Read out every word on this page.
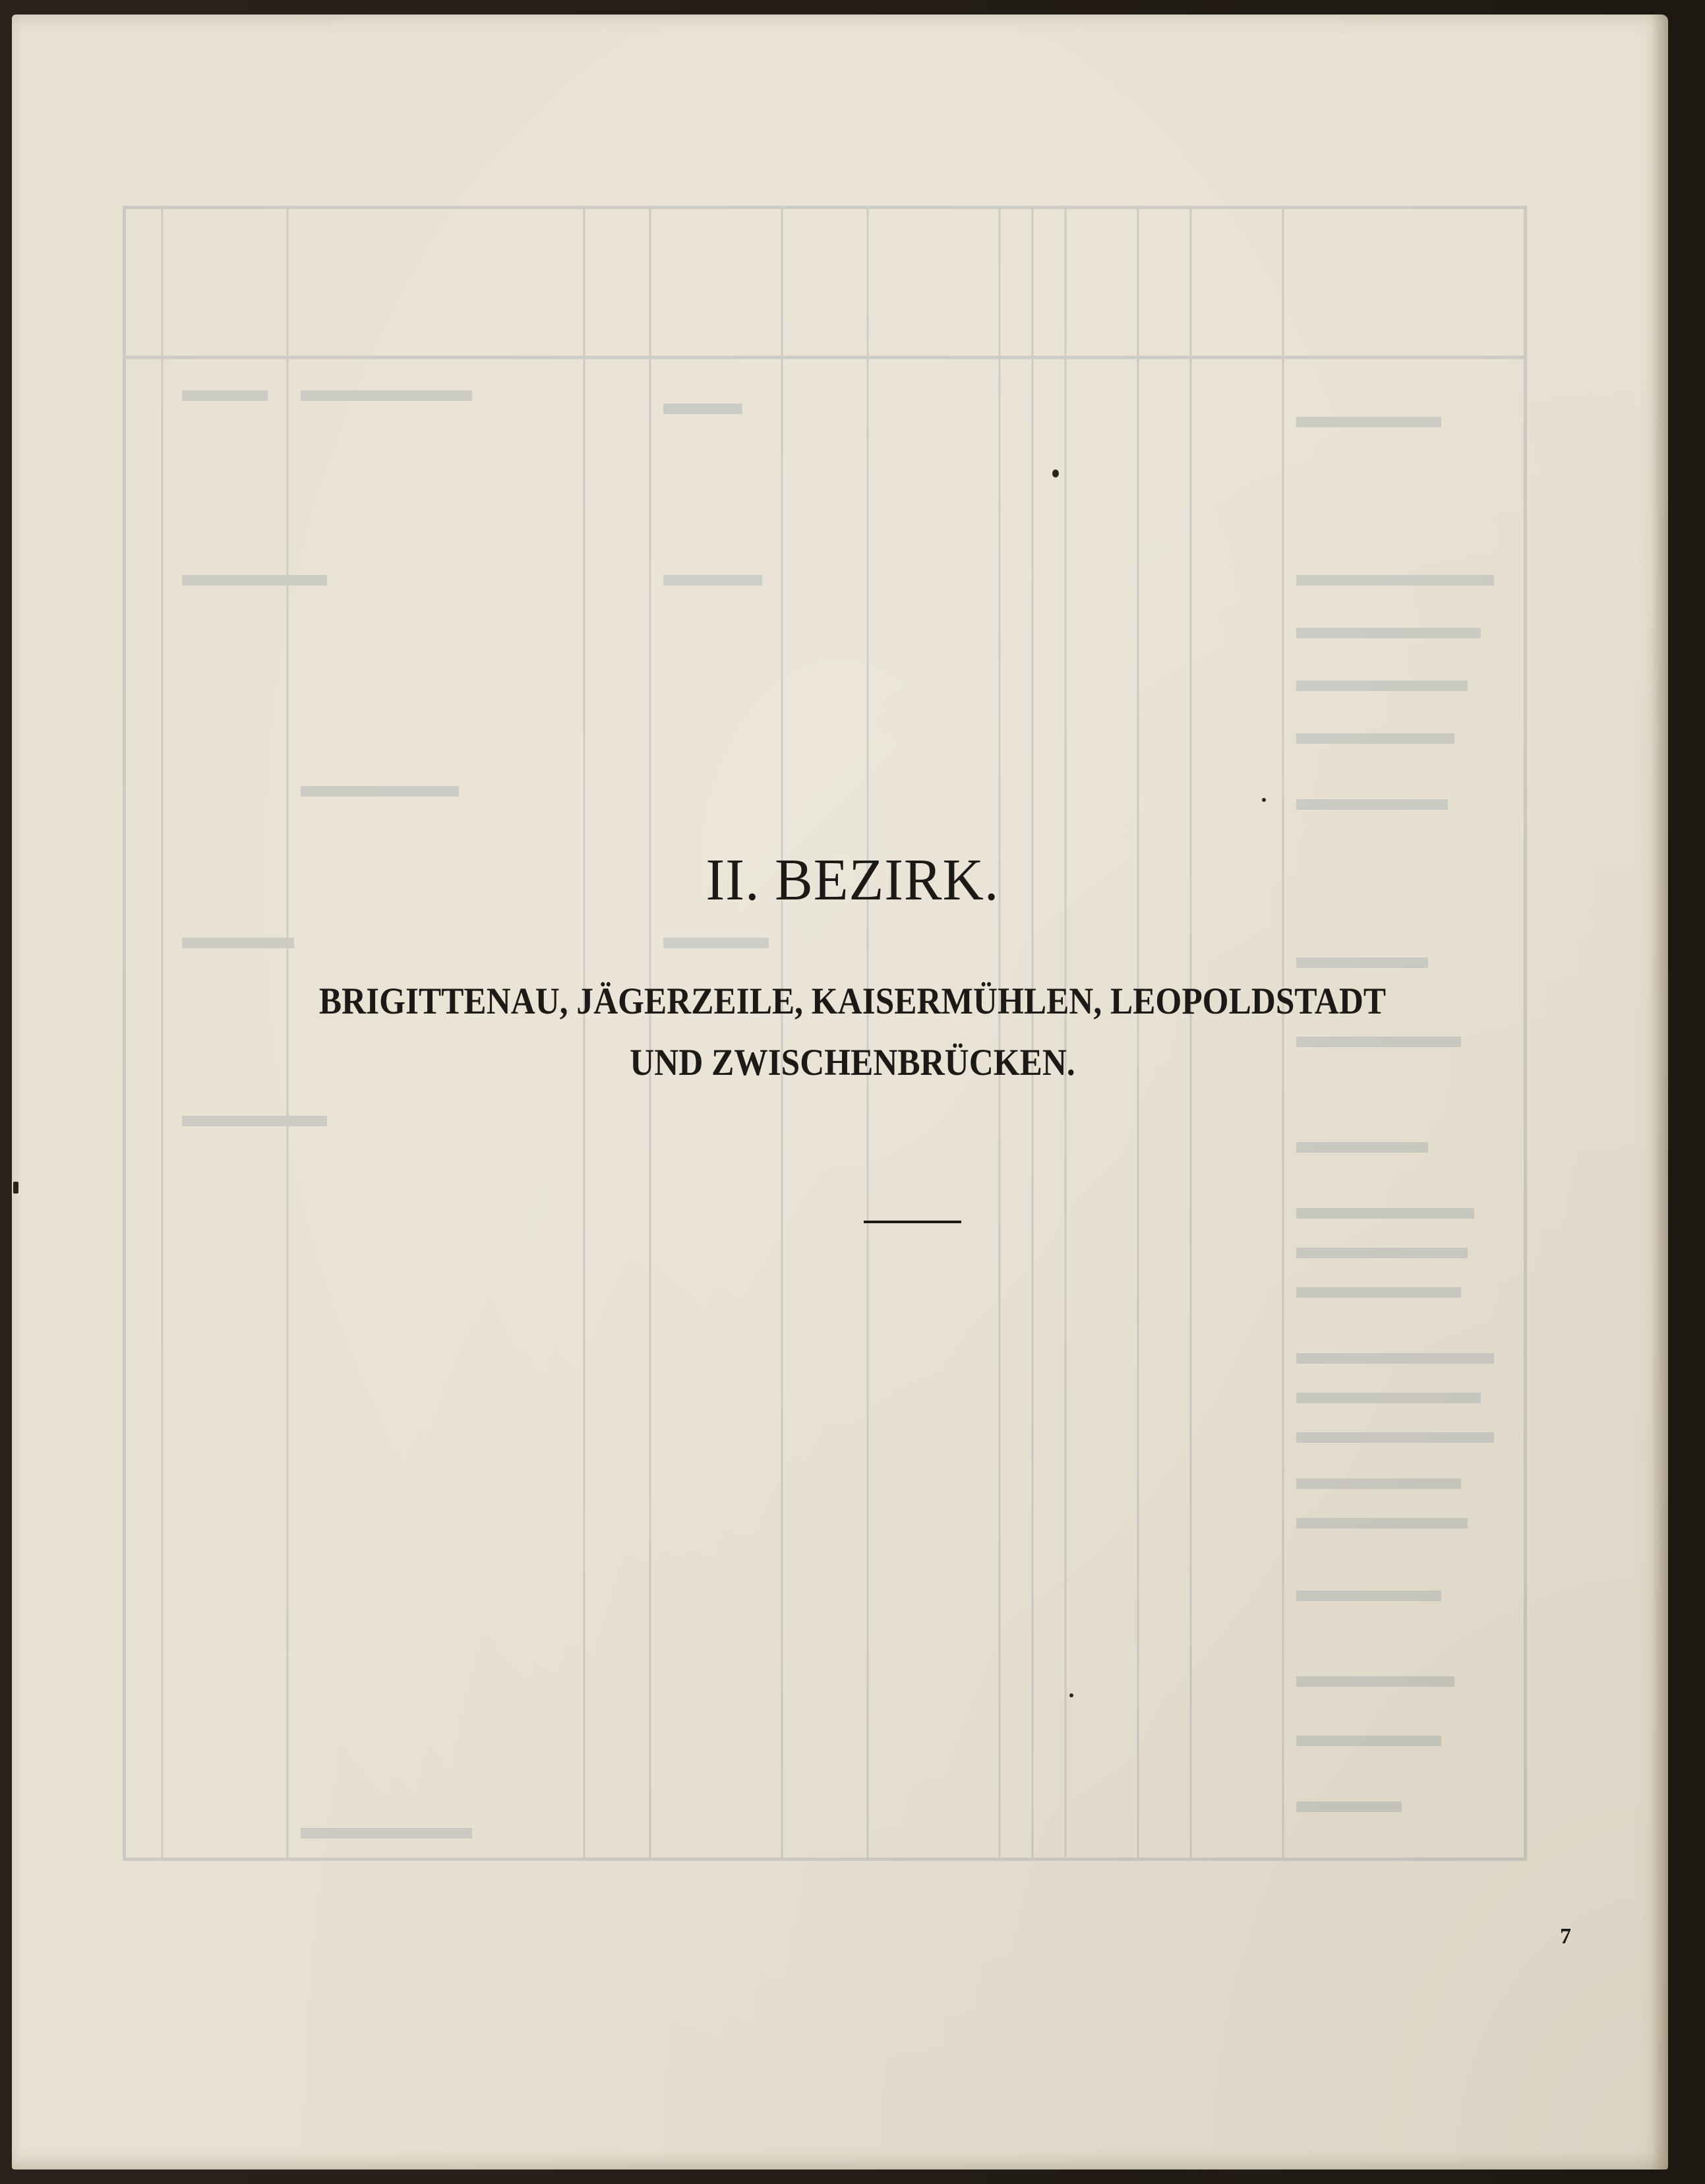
II. BEZIRK.
BRIGITTENAU, JÄGERZEILE, KAISERMÜHLEN, LEOPOLDSTADT
UND ZWISCHENBRÜCKEN.
7
